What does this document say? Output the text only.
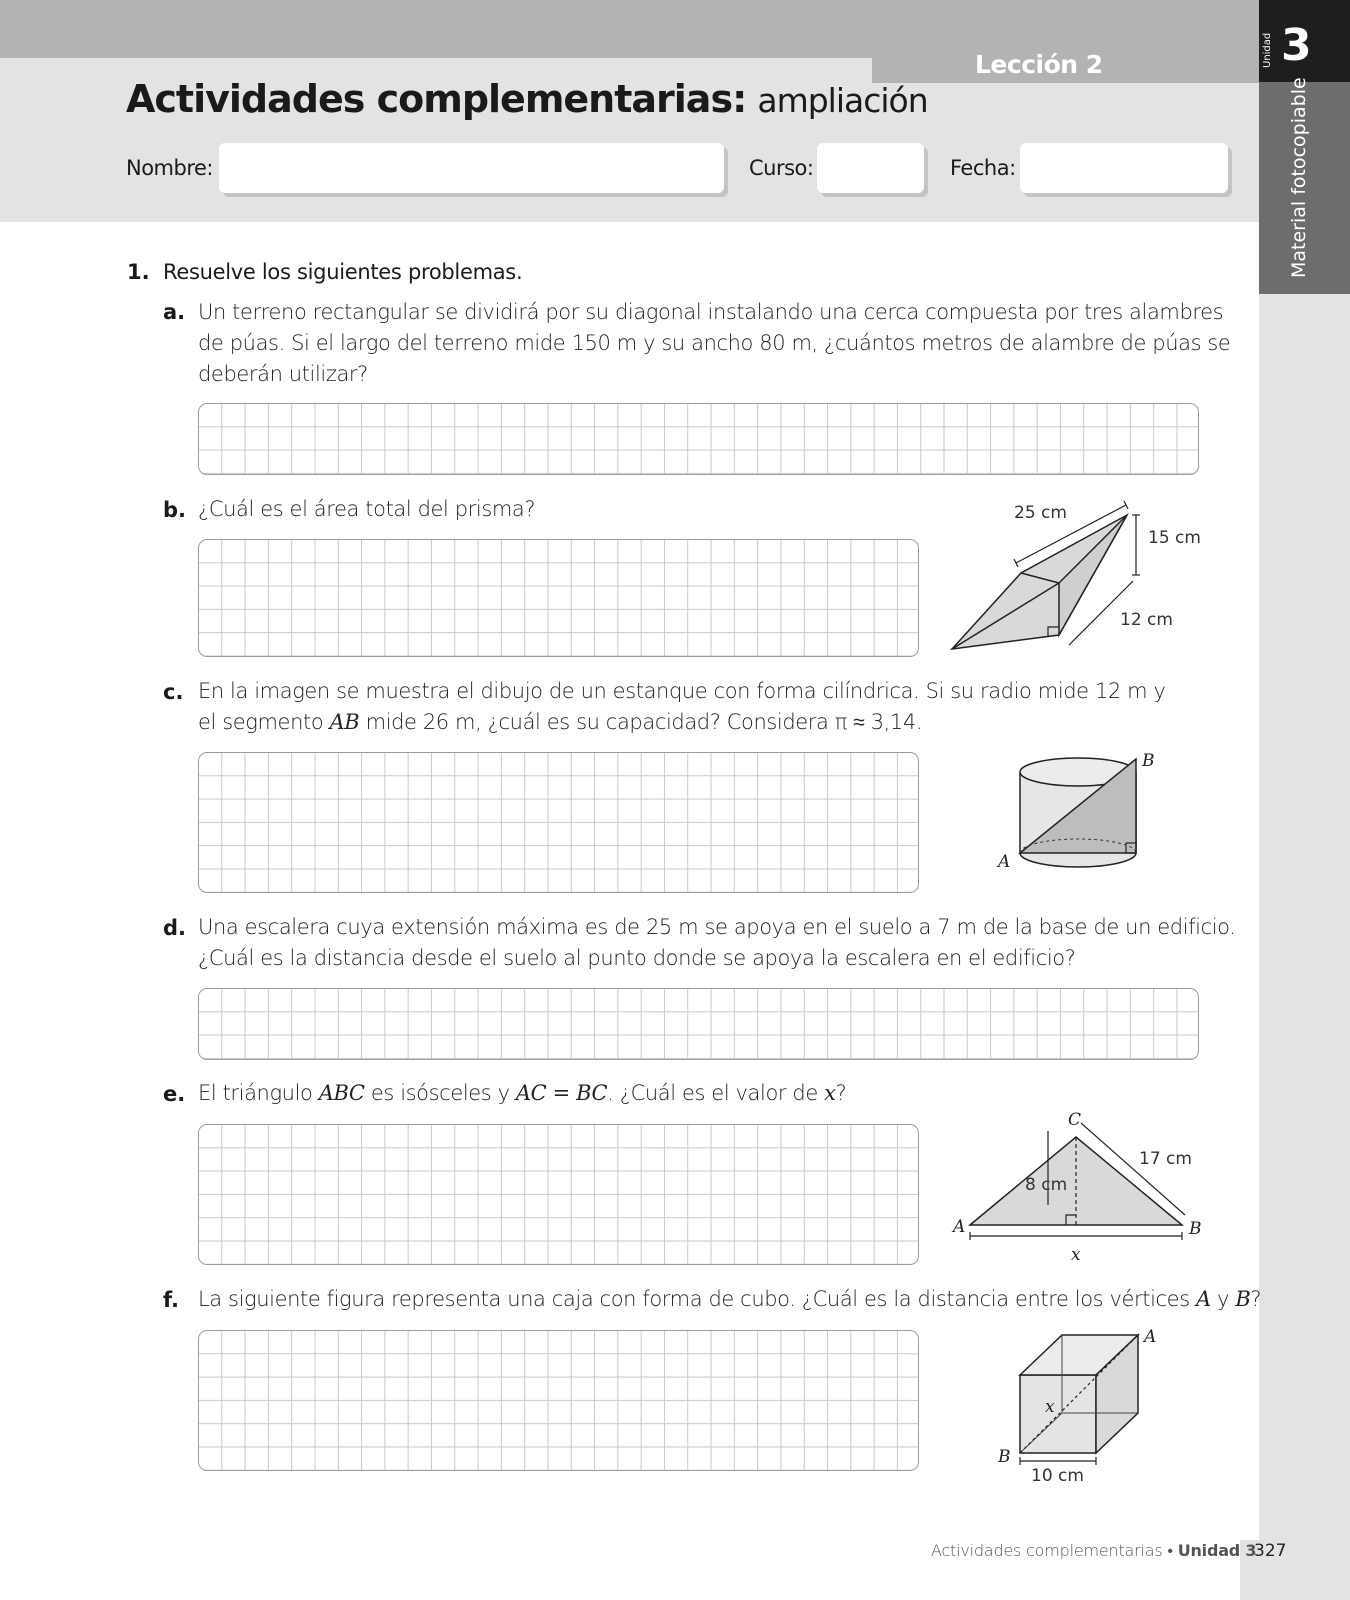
Lección 2
Actividades complementarias: ampliación
Nombre:	Curso:	Fecha:
Unidad 3
Material fotocopiable
1. Resuelve los siguientes problemas.
a. Un terreno rectangular se dividirá por su diagonal instalando una cerca compuesta por tres alambres
de púas. Si el largo del terreno mide 150 m y su ancho 80 m, ¿cuántos metros de alambre de púas se
deberán utilizar?
b. ¿Cuál es el área total del prisma?	25 cm
15 cm
12 cm
c. En la imagen se muestra el dibujo de un estanque con forma cilíndrica. Si su radio mide 12 m y
el segmento AB mide 26 m, ¿cuál es su capacidad? Considera π ≈ 3,14.
B
A
d. Una escalera cuya extensión máxima es de 25 m se apoya en el suelo a 7 m de la base de un edificio.
¿Cuál es la distancia desde el suelo al punto donde se apoya la escalera en el edificio?
e. El triángulo ABC es isósceles y AC = BC. ¿Cuál es el valor de x?
C
A	B
17 cm
8 cm
x
f. La siguiente figura representa una caja con forma de cubo. ¿Cuál es la distancia entre los vértices A y B?
A
B
x
10 cm
Actividades complementarias • Unidad 3
327
